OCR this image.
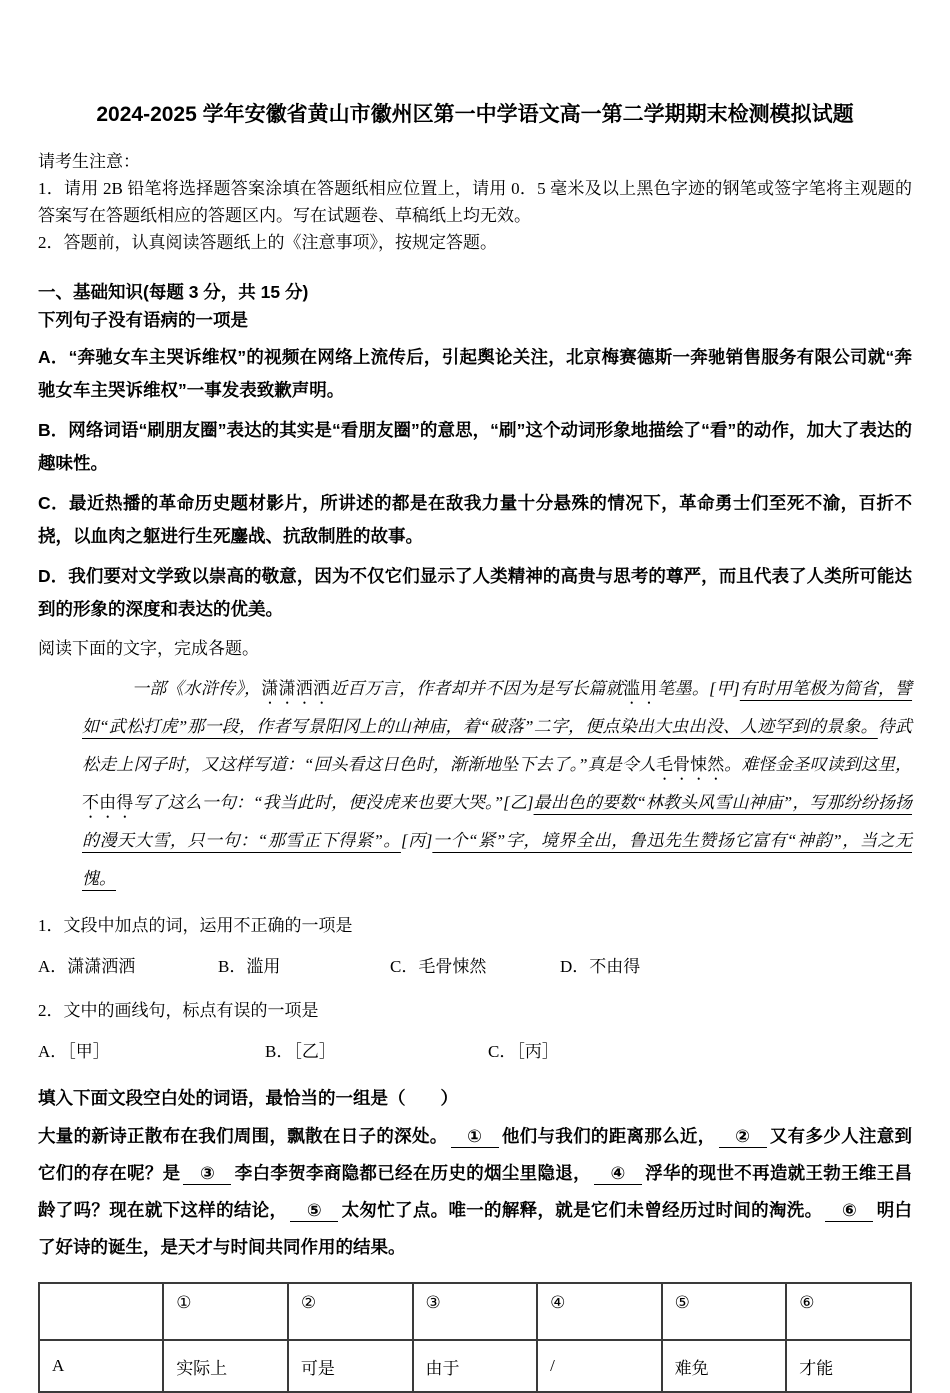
2024-2025 学年安徽省黄山市徽州区第一中学语文高一第二学期期末检测模拟试题

请考生注意：

1．请用 2B 铅笔将选择题答案涂填在答题纸相应位置上，请用 0．5 毫米及以上黑色字迹的钢笔或签字笔将主观题的答案写在答题纸相应的答题区内。写在试题卷、草稿纸上均无效。

2．答题前，认真阅读答题纸上的《注意事项》，按规定答题。

一、基础知识(每题 3 分，共 15 分)

下列句子没有语病的一项是

A．“奔驰女车主哭诉维权”的视频在网络上流传后，引起舆论关注，北京梅赛德斯一奔驰销售服务有限公司就“奔驰女车主哭诉维权”一事发表致歉声明。

B．网络词语“刷朋友圈”表达的其实是“看朋友圈”的意思，“刷”这个动词形象地描绘了“看”的动作，加大了表达的趣味性。

C．最近热播的革命历史题材影片，所讲述的都是在敌我力量十分悬殊的情况下，革命勇士们至死不渝，百折不挠，以血肉之躯进行生死鏖战、抗敌制胜的故事。

D．我们要对文学致以崇高的敬意，因为不仅它们显示了人类精神的高贵与思考的尊严，而且代表了人类所可能达到的形象的深度和表达的优美。

阅读下面的文字，完成各题。

一部《水浒传》，潇潇洒洒近百万言，作者却并不因为是写长篇就滥用笔墨。[甲]有时用笔极为简省，譬如“武松打虎”那一段，作者写景阳冈上的山神庙，着“破落”二字，便点染出大虫出没、人迹罕到的景象。待武松走上冈子时，又这样写道：“回头看这日色时，渐渐地坠下去了。”真是令人毛骨悚然。难怪金圣叹读到这里，不由得写了这么一句：“我当此时，便没虎来也要大哭。”[乙]最出色的要数“林教头风雪山神庙”，写那纷纷扬扬的漫天大雪，只一句：“那雪正下得紧”。[丙]一个“紧”字，境界全出，鲁迅先生赞扬它富有“神韵”，当之无愧。

1．文段中加点的词，运用不正确的一项是

A．潇潇洒洒	B．滥用	C．毛骨悚然	D．不由得

2．文中的画线句，标点有误的一项是

A．［甲］	B．［乙］	C．［丙］

填入下面文段空白处的词语，最恰当的一组是（　　）

大量的新诗正散布在我们周围，飘散在日子的深处。 ① 他们与我们的距离那么近， ② 又有多少人注意到它们的存在呢？是 ③ 李白李贺李商隐都已经在历史的烟尘里隐退， ④ 浮华的现世不再造就王勃王维王昌龄了吗？现在就下这样的结论， ⑤ 太匆忙了点。唯一的解释，就是它们未曾经历过时间的淘洗。 ⑥ 明白了好诗的诞生，是天才与时间共同作用的结果。

	①	②	③	④	⑤	⑥
A	实际上	可是	由于	/	难免	才能
